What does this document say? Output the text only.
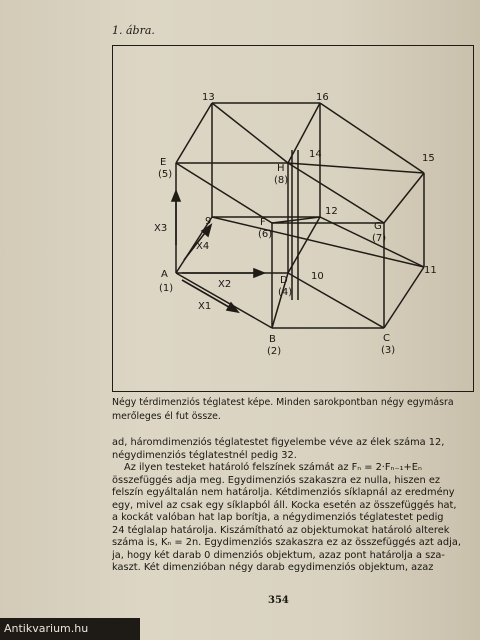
1. ábra.
A
(1)
B
(2)
C
(3)
D
(4)
E
(5)
F
(6)
G
(7)
H
(8)
9
10
11
12
13
14	15
16
X3
X4
X2
X1
Négy térdimenziós téglatest képe. Minden sarokpontban négy egymásra
merőleges él fut össze.

ad, háromdimenziós téglatestet figyelembe véve az élek száma 12,

négydimenziós téglatestnél pedig 32.

Az ilyen testeket határoló felszínek számát az Fₙ = 2·Fₙ₋₁+Eₙ

összefüggés adja meg. Egydimenziós szakaszra ez nulla, hiszen ez

felszín egyáltalán nem határolja. Kétdimenziós síklapnál az eredmény

egy, mivel az csak egy síklapból áll. Kocka esetén az összefüggés hat,

a kockát valóban hat lap borítja, a négydimenziós téglatestet pedig

24 téglalap határolja. Kiszámítható az objektumokat határoló alterek

száma is, Kₙ = 2n. Egydimenziós szakaszra ez az összefüggés azt adja,

ja, hogy két darab 0 dimenziós objektum, azaz pont határolja a sza-

kaszt. Két dimenzióban négy darab egydimenziós objektum, azaz

354
Antikvarium.hu
